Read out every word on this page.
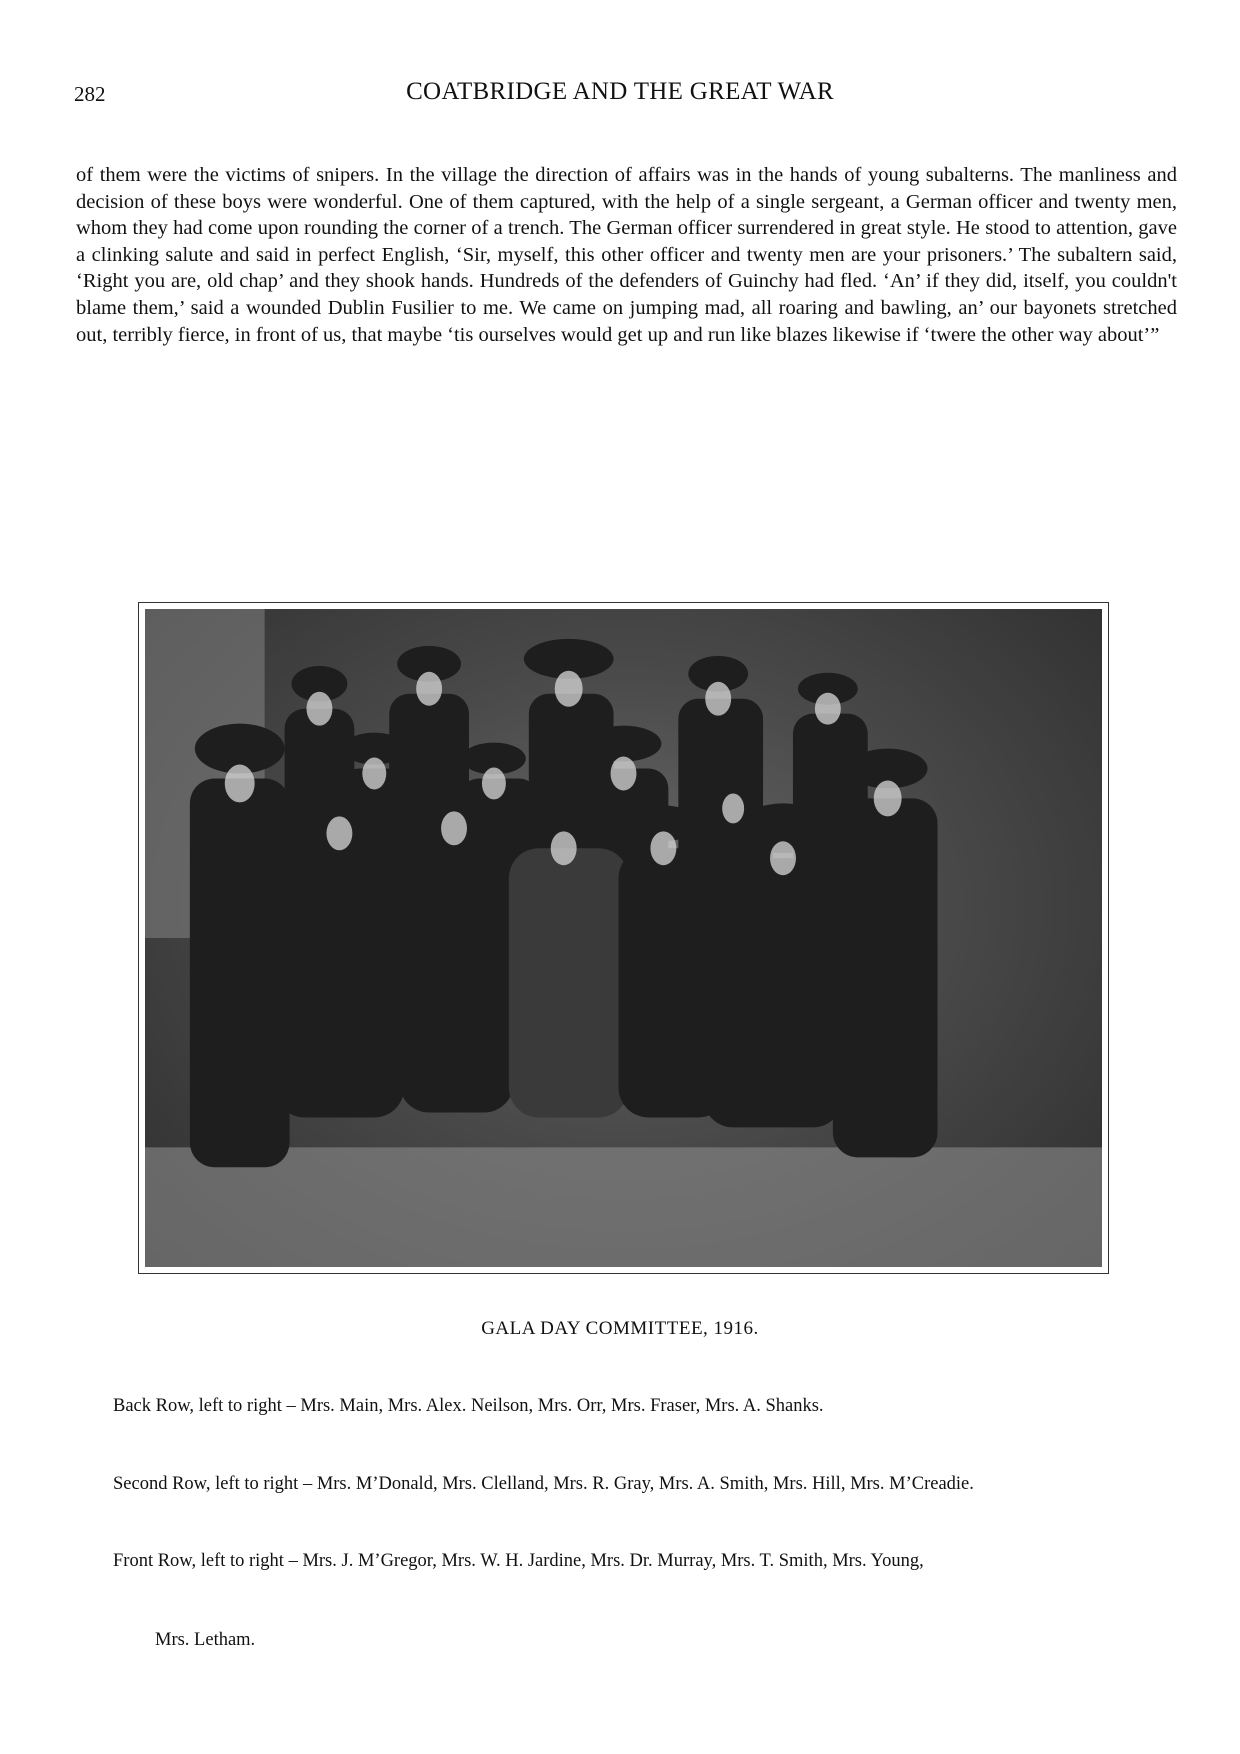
282	COATBRIDGE AND THE GREAT WAR
of them were the victims of snipers. In the village the direction of affairs was in the hands of young subalterns. The manliness and decision of these boys were wonderful. One of them captured, with the help of a single sergeant, a German officer and twenty men, whom they had come upon rounding the corner of a trench. The German officer surrendered in great style. He stood to attention, gave a clinking salute and said in perfect English, ‘Sir, myself, this other officer and twenty men are your prisoners.’ The subaltern said, ‘Right you are, old chap’ and they shook hands. Hundreds of the defenders of Guinchy had fled. ‘An’ if they did, itself, you couldn't blame them,’ said a wounded Dublin Fusilier to me. We came on jumping mad, all roaring and bawling, an’ our bayonets stretched out, terribly fierce, in front of us, that maybe ‘tis ourselves would get up and run like blazes likewise if ‘twere the other way about’”
GALA DAY COMMITTEE, 1916.
Back Row, left to right – Mrs. Main, Mrs. Alex. Neilson, Mrs. Orr, Mrs. Fraser, Mrs. A. Shanks.
Second Row, left to right – Mrs. M’Donald, Mrs. Clelland, Mrs. R. Gray, Mrs. A. Smith, Mrs. Hill, Mrs. M’Creadie.
Front Row, left to right – Mrs. J. M’Gregor, Mrs. W. H. Jardine, Mrs. Dr. Murray, Mrs. T. Smith, Mrs. Young,
Mrs. Letham.
